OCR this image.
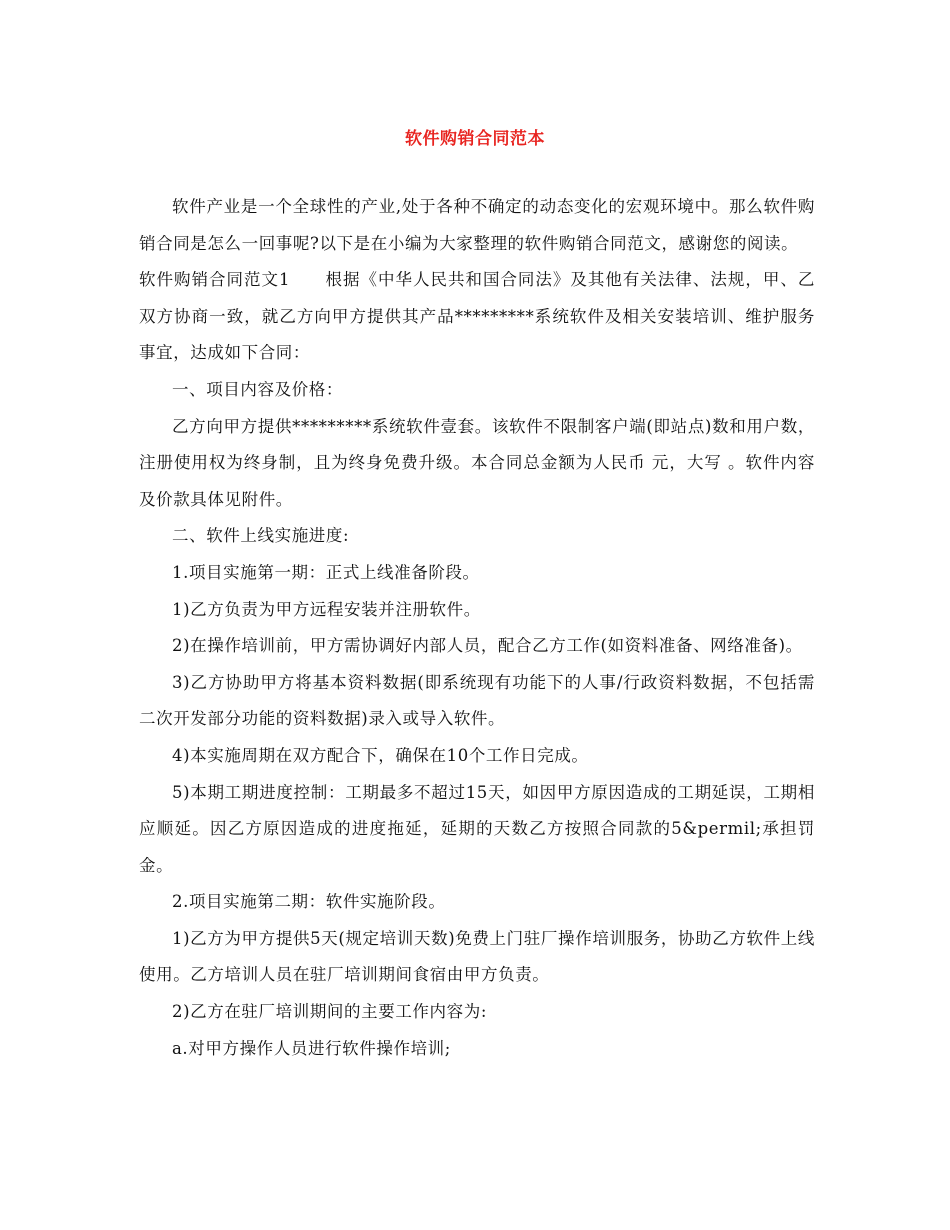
软件购销合同范本

软件产业是一个全球性的产业,处于各种不确定的动态变化的宏观环境中。那么软件购销合同是怎么一回事呢?以下是在小编为大家整理的软件购销合同范文，感谢您的阅读。

软件购销合同范文1　　根据《中华人民共和国合同法》及其他有关法律、法规，甲、乙双方协商一致，就乙方向甲方提供其产品*********系统软件及相关安装培训、维护服务事宜，达成如下合同：

一、项目内容及价格：

乙方向甲方提供*********系统软件壹套。该软件不限制客户端(即站点)数和用户数，注册使用权为终身制，且为终身免费升级。本合同总金额为人民币 元，大写 。软件内容及价款具体见附件。

二、软件上线实施进度:

1.项目实施第一期：正式上线准备阶段。

1)乙方负责为甲方远程安装并注册软件。

2)在操作培训前，甲方需协调好内部人员，配合乙方工作(如资料准备、网络准备)。

3)乙方协助甲方将基本资料数据(即系统现有功能下的人事/行政资料数据，不包括需二次开发部分功能的资料数据)录入或导入软件。

4)本实施周期在双方配合下，确保在10个工作日完成。

5)本期工期进度控制：工期最多不超过15天，如因甲方原因造成的工期延误，工期相应顺延。因乙方原因造成的进度拖延，延期的天数乙方按照合同款的5&permil;承担罚金。

2.项目实施第二期：软件实施阶段。

1)乙方为甲方提供5天(规定培训天数)免费上门驻厂操作培训服务，协助乙方软件上线使用。乙方培训人员在驻厂培训期间食宿由甲方负责。

2)乙方在驻厂培训期间的主要工作内容为:

a.对甲方操作人员进行软件操作培训;
